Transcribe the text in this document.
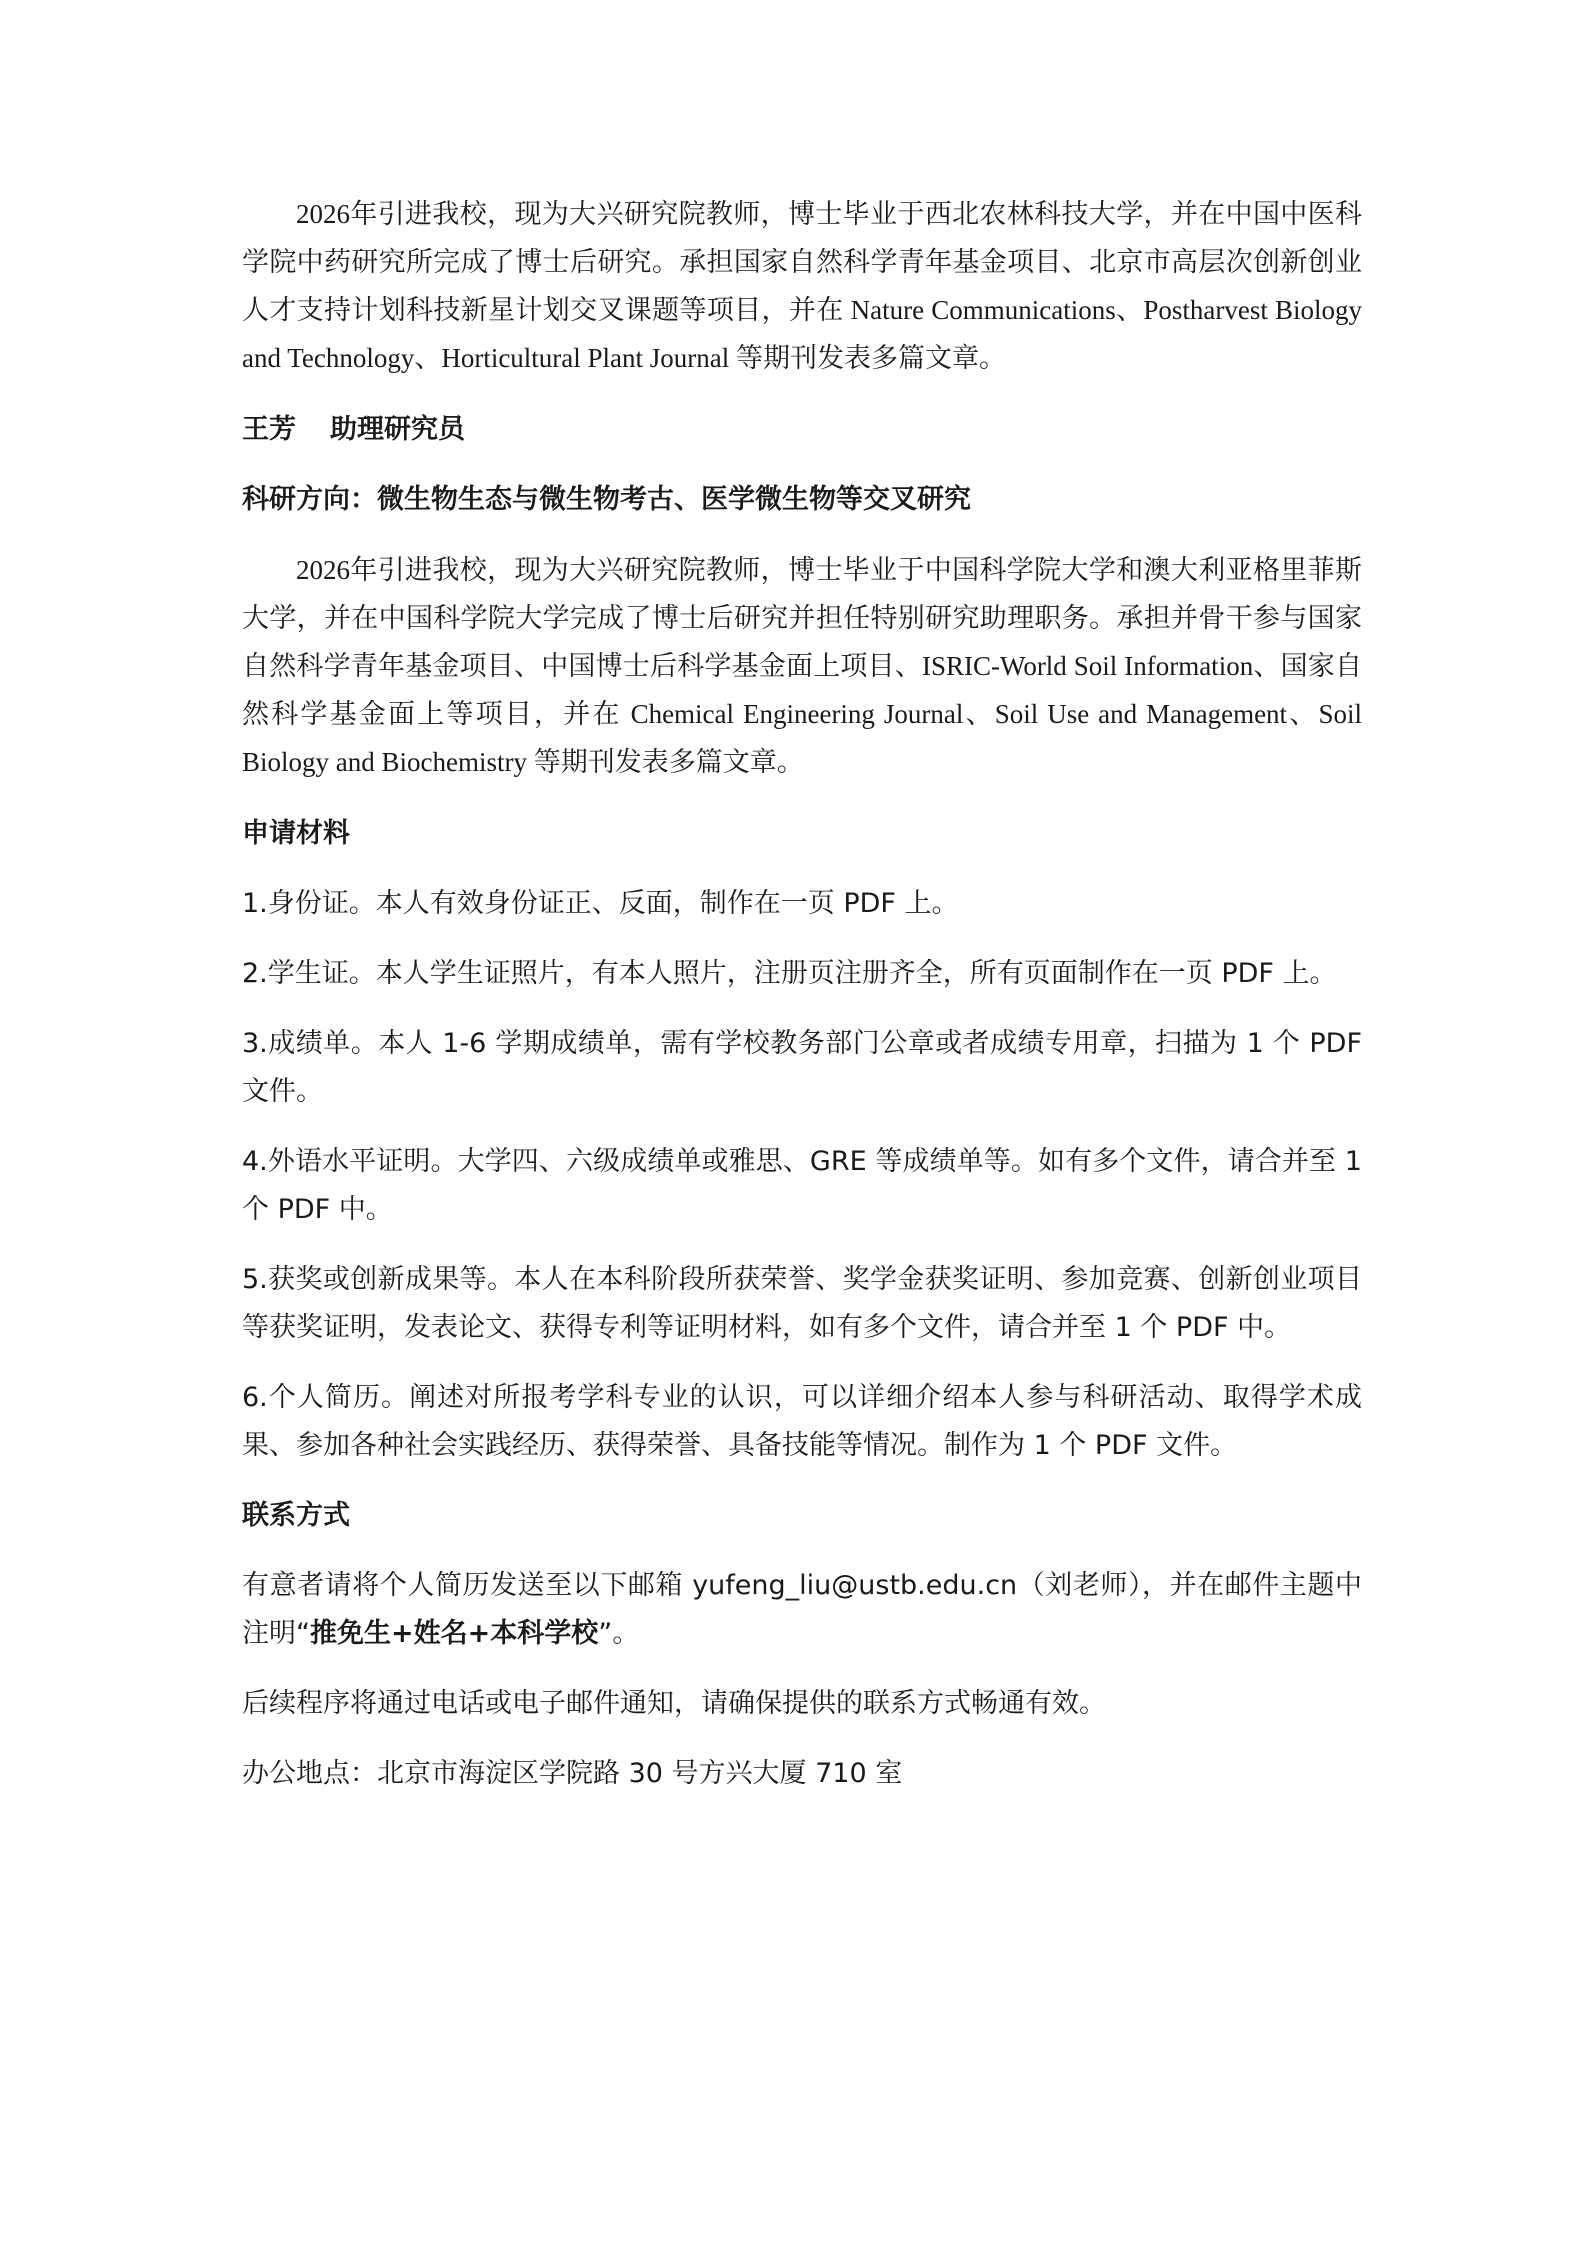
2026年引进我校，现为大兴研究院教师，博士毕业于西北农林科技大学，并在中国中医科学院中药研究所完成了博士后研究。承担国家自然科学青年基金项目、北京市高层次创新创业人才支持计划科技新星计划交叉课题等项目，并在 Nature Communications、Postharvest Biology and Technology、Horticultural Plant Journal 等期刊发表多篇文章。

王芳 助理研究员
科研方向：微生物生态与微生物考古、医学微生物等交叉研究

2026年引进我校，现为大兴研究院教师，博士毕业于中国科学院大学和澳大利亚格里菲斯大学，并在中国科学院大学完成了博士后研究并担任特别研究助理职务。承担并骨干参与国家自然科学青年基金项目、中国博士后科学基金面上项目、ISRIC-World Soil Information、国家自然科学基金面上等项目，并在 Chemical Engineering Journal、Soil Use and Management、Soil Biology and Biochemistry 等期刊发表多篇文章。

申请材料

1.身份证。本人有效身份证正、反面，制作在一页 PDF 上。

2.学生证。本人学生证照片，有本人照片，注册页注册齐全，所有页面制作在一页 PDF 上。

3.成绩单。本人 1-6 学期成绩单，需有学校教务部门公章或者成绩专用章，扫描为 1 个 PDF 文件。

4.外语水平证明。大学四、六级成绩单或雅思、GRE 等成绩单等。如有多个文件，请合并至 1 个 PDF 中。

5.获奖或创新成果等。本人在本科阶段所获荣誉、奖学金获奖证明、参加竞赛、创新创业项目等获奖证明，发表论文、获得专利等证明材料，如有多个文件，请合并至 1 个 PDF 中。

6.个人简历。阐述对所报考学科专业的认识，可以详细介绍本人参与科研活动、取得学术成果、参加各种社会实践经历、获得荣誉、具备技能等情况。制作为 1 个 PDF 文件。

联系方式

有意者请将个人简历发送至以下邮箱 yufeng_liu@ustb.edu.cn（刘老师），并在邮件主题中注明“推免生+姓名+本科学校”。

后续程序将通过电话或电子邮件通知，请确保提供的联系方式畅通有效。

办公地点：北京市海淀区学院路 30 号方兴大厦 710 室
